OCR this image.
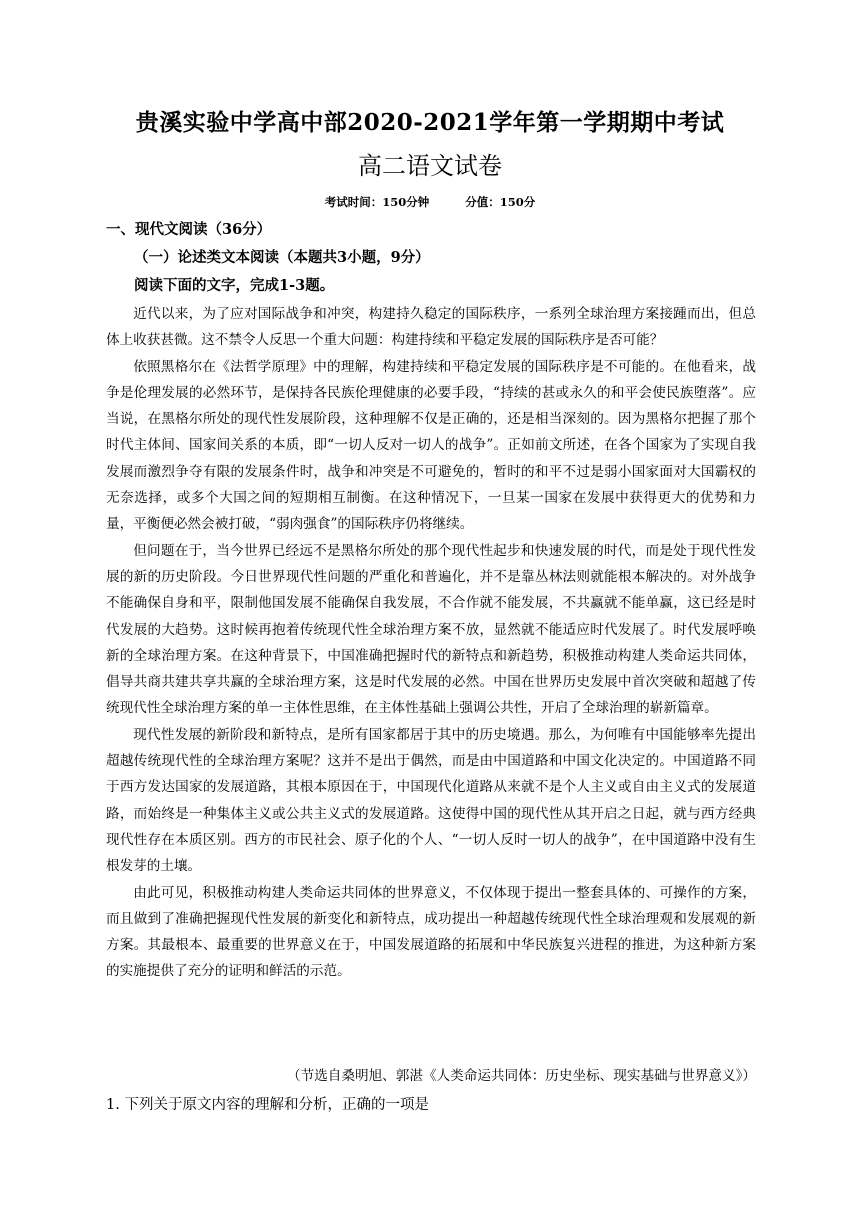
贵溪实验中学高中部2020-2021学年第一学期期中考试
高二语文试卷
考试时间：150分钟	分值：150分
一、现代文阅读（36分）
（一）论述类文本阅读（本题共3小题，9分）
阅读下面的文字，完成1-3题。

近代以来，为了应对国际战争和冲突，构建持久稳定的国际秩序，一系列全球治理方案接踵而出，但总体上收获甚微。这不禁令人反思一个重大问题：构建持续和平稳定发展的国际秩序是否可能？

依照黑格尔在《法哲学原理》中的理解，构建持续和平稳定发展的国际秩序是不可能的。在他看来，战争是伦理发展的必然环节，是保持各民族伦理健康的必要手段，“持续的甚或永久的和平会使民族堕落”。应当说，在黑格尔所处的现代性发展阶段，这种理解不仅是正确的，还是相当深刻的。因为黑格尔把握了那个时代主体间、国家间关系的本质，即“一切人反对一切人的战争”。正如前文所述，在各个国家为了实现自我发展而激烈争夺有限的发展条件时，战争和冲突是不可避免的，暂时的和平不过是弱小国家面对大国霸权的无奈选择，或多个大国之间的短期相互制衡。在这种情况下，一旦某一国家在发展中获得更大的优势和力量，平衡便必然会被打破，“弱肉强食”的国际秩序仍将继续。

但问题在于，当今世界已经远不是黑格尔所处的那个现代性起步和快速发展的时代，而是处于现代性发展的新的历史阶段。今日世界现代性问题的严重化和普遍化，并不是靠丛林法则就能根本解决的。对外战争不能确保自身和平，限制他国发展不能确保自我发展，不合作就不能发展，不共赢就不能单赢，这已经是时代发展的大趋势。这时候再抱着传统现代性全球治理方案不放，显然就不能适应时代发展了。时代发展呼唤新的全球治理方案。在这种背景下，中国准确把握时代的新特点和新趋势，积极推动构建人类命运共同体，倡导共商共建共享共赢的全球治理方案，这是时代发展的必然。中国在世界历史发展中首次突破和超越了传统现代性全球治理方案的单一主体性思维，在主体性基础上强调公共性，开启了全球治理的崭新篇章。

现代性发展的新阶段和新特点，是所有国家都居于其中的历史境遇。那么，为何唯有中国能够率先提出超越传统现代性的全球治理方案呢？这并不是出于偶然，而是由中国道路和中国文化决定的。中国道路不同于西方发达国家的发展道路，其根本原因在于，中国现代化道路从来就不是个人主义或自由主义式的发展道路，而始终是一种集体主义或公共主义式的发展道路。这使得中国的现代性从其开启之日起，就与西方经典现代性存在本质区别。西方的市民社会、原子化的个人、“一切人反时一切人的战争”，在中国道路中没有生根发芽的土壤。

由此可见，积极推动构建人类命运共同体的世界意义，不仅体现于提出一整套具体的、可操作的方案，而且做到了准确把握现代性发展的新变化和新特点，成功提出一种超越传统现代性全球治理观和发展观的新方案。其最根本、最重要的世界意义在于，中国发展道路的拓展和中华民族复兴进程的推进，为这种新方案的实施提供了充分的证明和鲜活的示范。

（节选自桑明旭、郭湛《人类命运共同体：历史坐标、现实基础与世界意义》）
1. 下列关于原文内容的理解和分析，正确的一项是
